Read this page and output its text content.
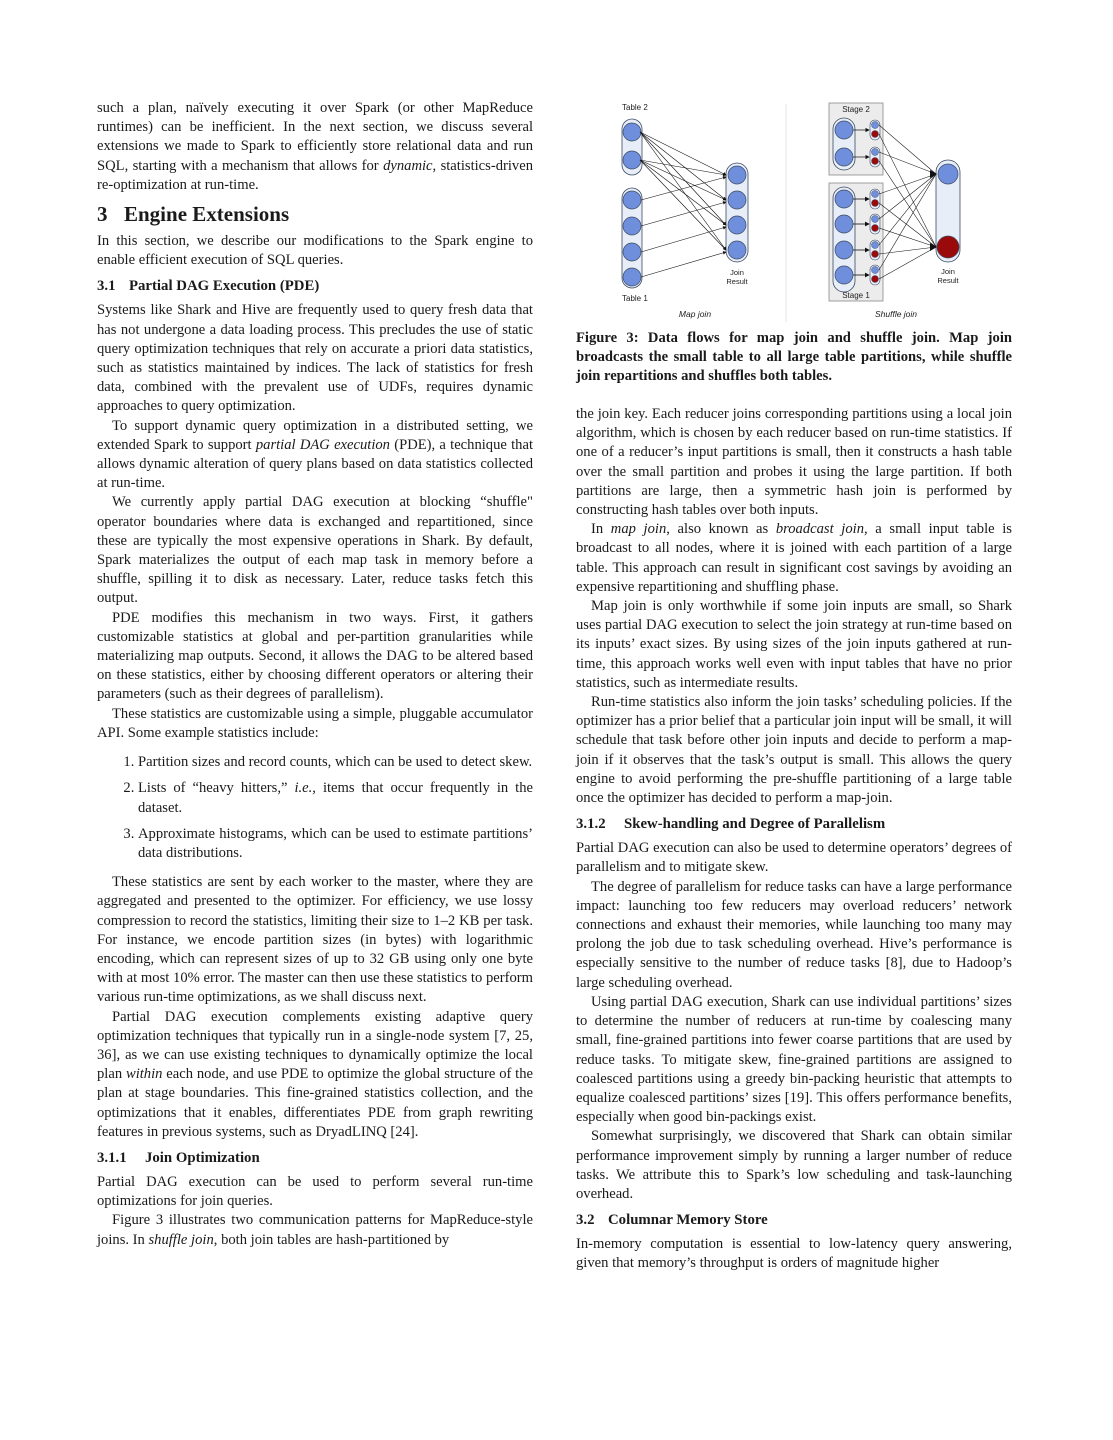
such a plan, naïvely executing it over Spark (or other MapReduce runtimes) can be inefficient. In the next section, we discuss several extensions we made to Spark to efficiently store relational data and run SQL, starting with a mechanism that allows for dynamic, statistics-driven re-optimization at run-time.

3 Engine Extensions

In this section, we describe our modifications to the Spark engine to enable efficient execution of SQL queries.

3.1 Partial DAG Execution (PDE)

Systems like Shark and Hive are frequently used to query fresh data that has not undergone a data loading process. This precludes the use of static query optimization techniques that rely on accurate a priori data statistics, such as statistics maintained by indices. The lack of statistics for fresh data, combined with the prevalent use of UDFs, requires dynamic approaches to query optimization.

To support dynamic query optimization in a distributed setting, we extended Spark to support partial DAG execution (PDE), a technique that allows dynamic alteration of query plans based on data statistics collected at run-time.

We currently apply partial DAG execution at blocking “shuffle" operator boundaries where data is exchanged and repartitioned, since these are typically the most expensive operations in Shark. By default, Spark materializes the output of each map task in memory before a shuffle, spilling it to disk as necessary. Later, reduce tasks fetch this output.

PDE modifies this mechanism in two ways. First, it gathers customizable statistics at global and per-partition granularities while materializing map outputs. Second, it allows the DAG to be altered based on these statistics, either by choosing different operators or altering their parameters (such as their degrees of parallelism).

These statistics are customizable using a simple, pluggable accumulator API. Some example statistics include:

1. Partition sizes and record counts, which can be used to detect skew.
2. Lists of “heavy hitters,” i.e., items that occur frequently in the dataset.
3. Approximate histograms, which can be used to estimate partitions’ data distributions.

These statistics are sent by each worker to the master, where they are aggregated and presented to the optimizer. For efficiency, we use lossy compression to record the statistics, limiting their size to 1–2 KB per task. For instance, we encode partition sizes (in bytes) with logarithmic encoding, which can represent sizes of up to 32 GB using only one byte with at most 10% error. The master can then use these statistics to perform various run-time optimizations, as we shall discuss next.

Partial DAG execution complements existing adaptive query optimization techniques that typically run in a single-node system [7, 25, 36], as we can use existing techniques to dynamically optimize the local plan within each node, and use PDE to optimize the global structure of the plan at stage boundaries. This fine-grained statistics collection, and the optimizations that it enables, differentiates PDE from graph rewriting features in previous systems, such as DryadLINQ [24].

3.1.1 Join Optimization

Partial DAG execution can be used to perform several run-time optimizations for join queries.

Figure 3 illustrates two communication patterns for MapReduce-style joins. In shuffle join, both join tables are hash-partitioned by

Table 2
Table 1
Join
Result
Map join
Stage 2
Stage 1
Join
Result
Shuffle join

Figure 3: Data flows for map join and shuffle join. Map join broadcasts the small table to all large table partitions, while shuffle join repartitions and shuffles both tables.

the join key. Each reducer joins corresponding partitions using a local join algorithm, which is chosen by each reducer based on run-time statistics. If one of a reducer’s input partitions is small, then it constructs a hash table over the small partition and probes it using the large partition. If both partitions are large, then a symmetric hash join is performed by constructing hash tables over both inputs.

In map join, also known as broadcast join, a small input table is broadcast to all nodes, where it is joined with each partition of a large table. This approach can result in significant cost savings by avoiding an expensive repartitioning and shuffling phase.

Map join is only worthwhile if some join inputs are small, so Shark uses partial DAG execution to select the join strategy at run-time based on its inputs’ exact sizes. By using sizes of the join inputs gathered at run-time, this approach works well even with input tables that have no prior statistics, such as intermediate results.

Run-time statistics also inform the join tasks’ scheduling policies. If the optimizer has a prior belief that a particular join input will be small, it will schedule that task before other join inputs and decide to perform a map-join if it observes that the task’s output is small. This allows the query engine to avoid performing the pre-shuffle partitioning of a large table once the optimizer has decided to perform a map-join.

3.1.2 Skew-handling and Degree of Parallelism

Partial DAG execution can also be used to determine operators’ degrees of parallelism and to mitigate skew.

The degree of parallelism for reduce tasks can have a large performance impact: launching too few reducers may overload reducers’ network connections and exhaust their memories, while launching too many may prolong the job due to task scheduling overhead. Hive’s performance is especially sensitive to the number of reduce tasks [8], due to Hadoop’s large scheduling overhead.

Using partial DAG execution, Shark can use individual partitions’ sizes to determine the number of reducers at run-time by coalescing many small, fine-grained partitions into fewer coarse partitions that are used by reduce tasks. To mitigate skew, fine-grained partitions are assigned to coalesced partitions using a greedy bin-packing heuristic that attempts to equalize coalesced partitions’ sizes [19]. This offers performance benefits, especially when good bin-packings exist.

Somewhat surprisingly, we discovered that Shark can obtain similar performance improvement simply by running a larger number of reduce tasks. We attribute this to Spark’s low scheduling and task-launching overhead.

3.2 Columnar Memory Store

In-memory computation is essential to low-latency query answering, given that memory’s throughput is orders of magnitude higher
